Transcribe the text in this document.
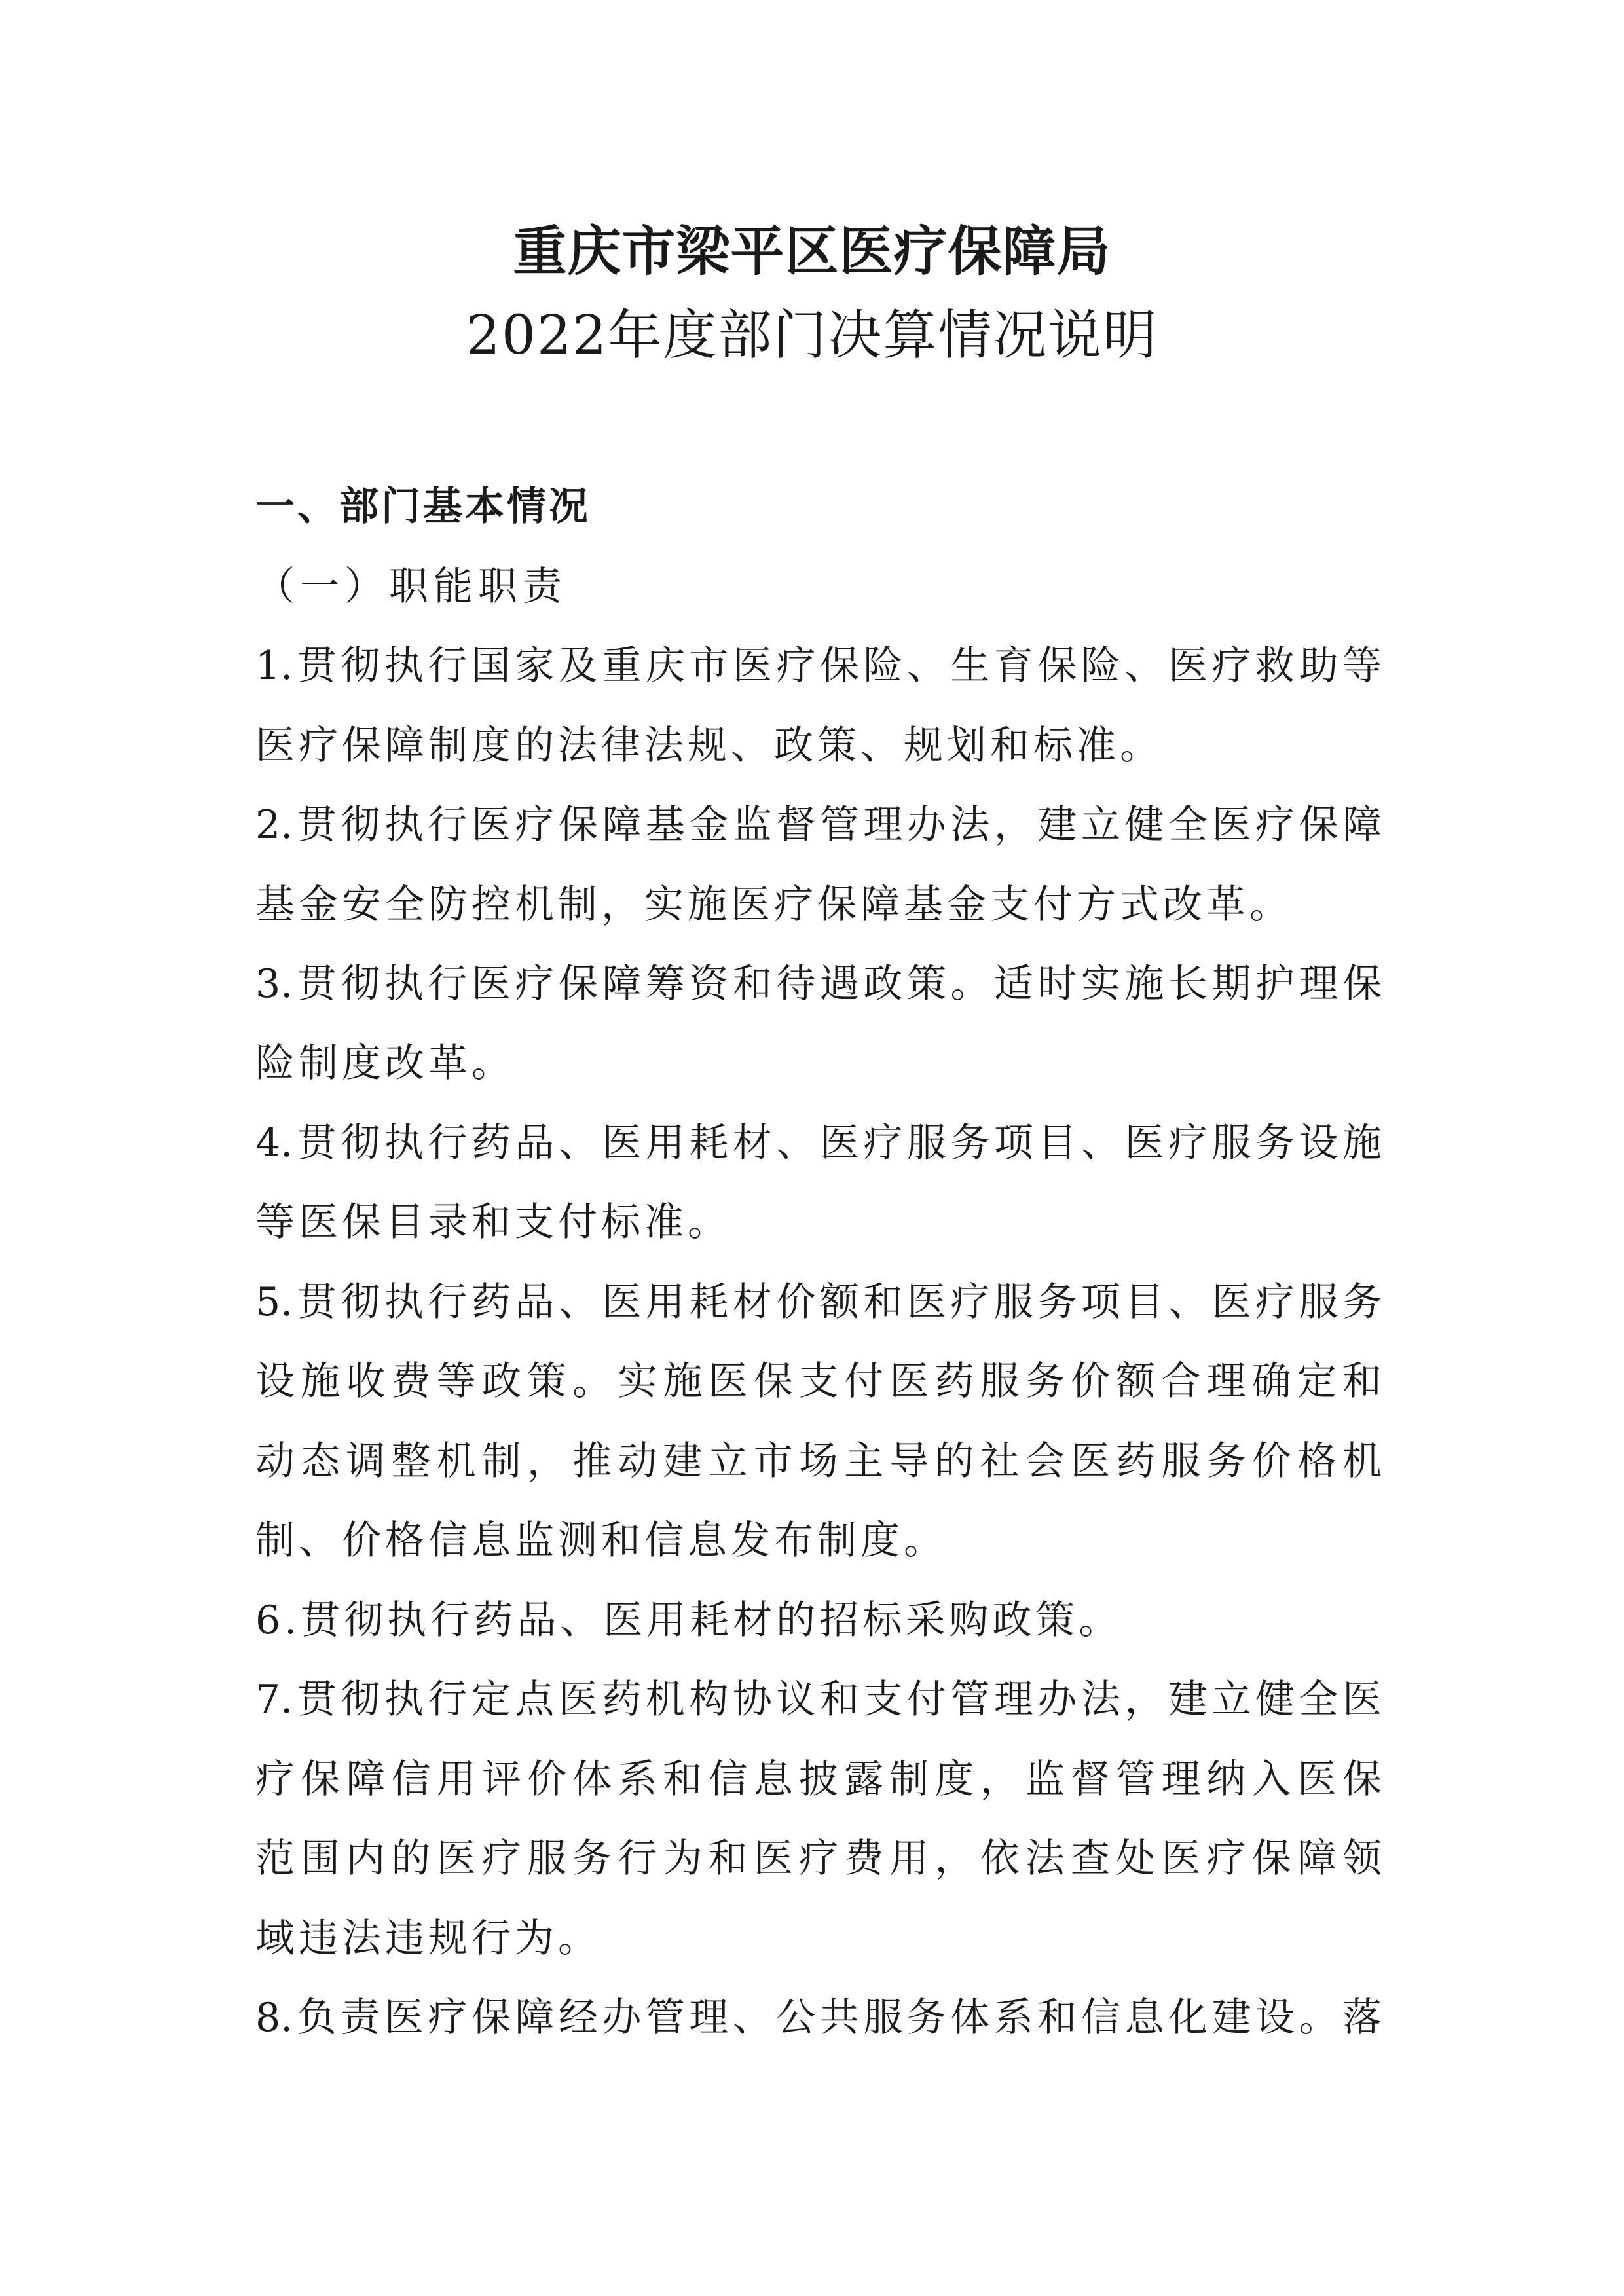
重庆市梁平区医疗保障局
2022年度部门决算情况说明
一、部门基本情况
（一）职能职责
1.贯彻执行国家及重庆市医疗保险、生育保险、医疗救助等
医疗保障制度的法律法规、政策、规划和标准。
2.贯彻执行医疗保障基金监督管理办法，建立健全医疗保障
基金安全防控机制，实施医疗保障基金支付方式改革。
3.贯彻执行医疗保障筹资和待遇政策。适时实施长期护理保
险制度改革。
4.贯彻执行药品、医用耗材、医疗服务项目、医疗服务设施
等医保目录和支付标准。
5.贯彻执行药品、医用耗材价额和医疗服务项目、医疗服务
设施收费等政策。实施医保支付医药服务价额合理确定和
动态调整机制，推动建立市场主导的社会医药服务价格机
制、价格信息监测和信息发布制度。
6.贯彻执行药品、医用耗材的招标采购政策。
7.贯彻执行定点医药机构协议和支付管理办法，建立健全医
疗保障信用评价体系和信息披露制度，监督管理纳入医保
范围内的医疗服务行为和医疗费用，依法查处医疗保障领
域违法违规行为。
8.负责医疗保障经办管理、公共服务体系和信息化建设。落
